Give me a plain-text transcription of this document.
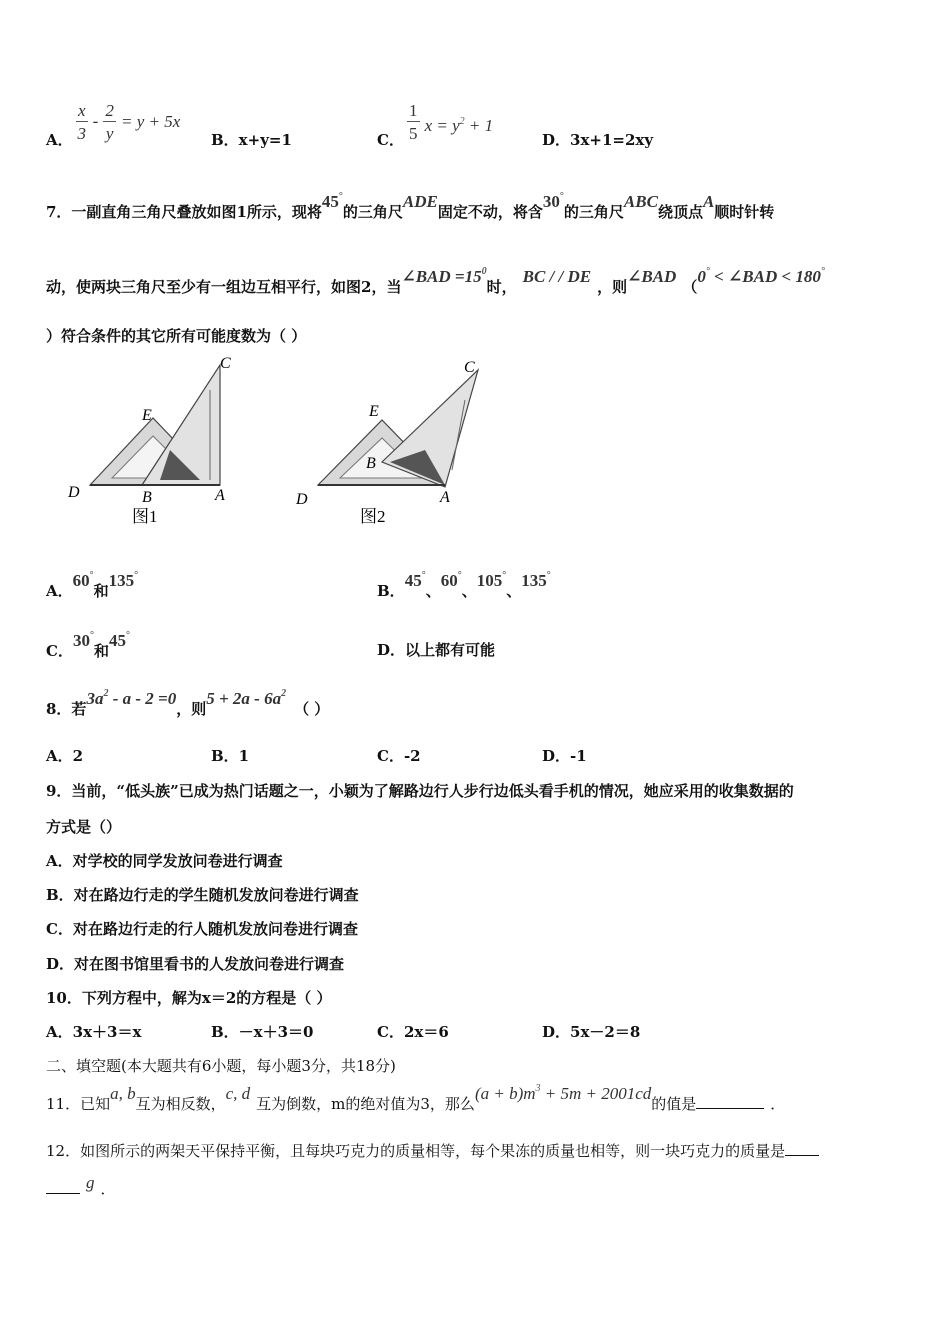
A． $\frac{x}{3} - \frac{2}{y} = y + 5x$
B．x+y=1	C． $\frac{1}{5}$ $x = y^2 + 1$
D．3x+1=2xy
7．一副直角三角尺叠放如图1所示，现将45°的三角尺ADE固定不动，将含30°的三角尺ABC绕顶点A顺时针转
动，使两块三角尺至少有一组边互相平行，如图2，当∠BAD $=15^0$时，BC / / DE，则∠BAD（0° < ∠BAD < 180°
）符合条件的其它所有可能度数为（ ）
C
E
D	B	A
图1
C
E
D
B
A
图2
A．60°和135°
B．45°、60°、105°、135°
C．30°和45°
D．以上都有可能
8．若$3a^2 - a - 2 =0$，则$5 + 2a - 6a^2$（ ）
A．2	B．1	C．-2	D．-1
9．当前，“低头族”已成为热门话题之一，小颖为了解路边行人步行边低头看手机的情况，她应采用的收集数据的
方式是（）
A．对学校的同学发放问卷进行调查
B．对在路边行走的学生随机发放问卷进行调查
C．对在路边行走的行人随机发放问卷进行调查
D．对在图书馆里看书的人发放问卷进行调查
10．下列方程中，解为x＝2的方程是（ ）
A．3x＋3＝x	B．－x＋3＝0	C．2x＝6	D．5x－2＝8
二、填空题(本大题共有6小题，每小题3分，共18分)
11．已知a, b互为相反数，c, d互为倒数，m的绝对值为3，那么$(a + b)m^3 + 5m + 2001cd$的值是	．
12．如图所示的两架天平保持平衡，且每块巧克力的质量相等，每个果冻的质量也相等，则一块巧克力的质量是
g ．
